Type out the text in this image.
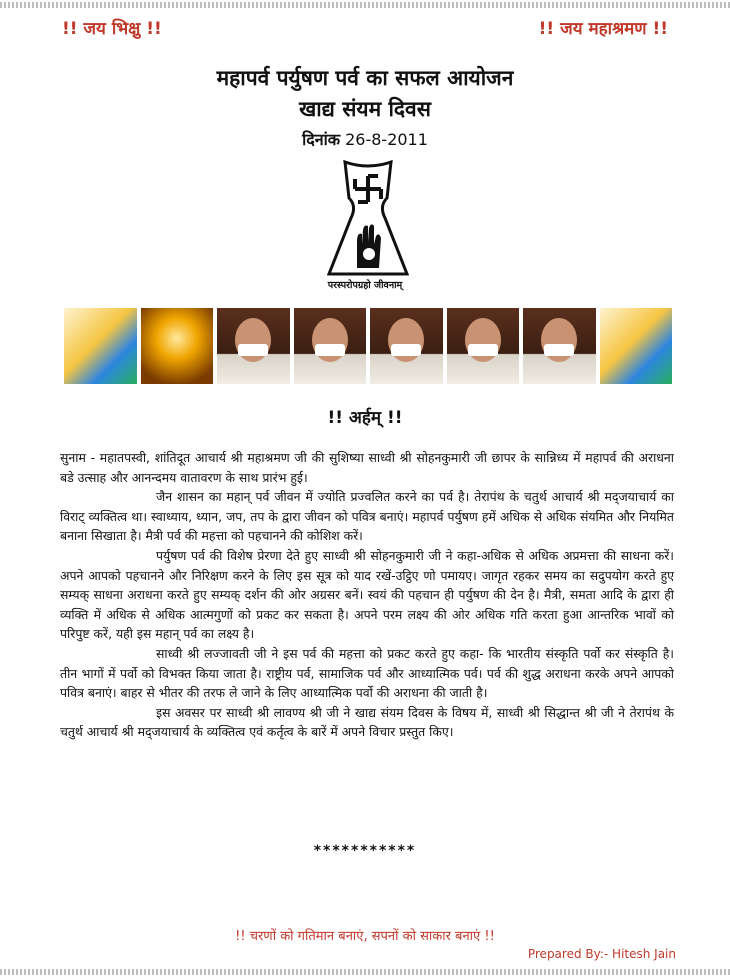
!! जय भिक्षु !!	!! जय महाश्रमण !!
महापर्व पर्युषण पर्व का सफल आयोजन
खाद्य संयम दिवस
दिनांक 26-8-2011
परस्परोपग्रहो जीवनाम्
!! अर्हम् !!

सुनाम - महातपस्वी, शांतिदूत आचार्य श्री महाश्रमण जी की सुशिष्या साध्वी श्री सोहनकुमारी जी छापर के सान्निध्य में महापर्व की अराधना बडे उत्साह और आनन्दमय वातावरण के साथ प्रारंभ हुई।

जैन शासन का महान् पर्व जीवन में ज्योति प्रज्वलित करने का पर्व है। तेरापंथ के चतुर्थ आचार्य श्री मद्जयाचार्य का विराट् व्यक्तित्व था। स्वाध्याय, ध्यान, जप, तप के द्वारा जीवन को पवित्र बनाएं। महापर्व पर्युषण हमें अधिक से अधिक संयमित और नियमित बनाना सिखाता है। मैत्री पर्व की महत्ता को पहचानने की कोशिश करें।

पर्युषण पर्व की विशेष प्रेरणा देते हुए साध्वी श्री सोहनकुमारी जी ने कहा-अधिक से अधिक अप्रमत्ता की साधना करें। अपने आपको पहचानने और निरिक्षण करने के लिए इस सूत्र को याद रखें-उट्ठिए णो पमायए। जागृत रहकर समय का सदुपयोग करते हुए सम्यक् साधना अराधना करते हुए सम्यक् दर्शन की ओर अग्रसर बनें। स्वयं की पहचान ही पर्युषण की देन है। मैत्री, समता आदि के द्वारा ही व्यक्ति में अधिक से अधिक आत्मगुणों को प्रकट कर सकता है। अपने परम लक्ष्य की ओर अधिक गति करता हुआ आन्तरिक भावों को परिपुष्ट करें, यही इस महान् पर्व का लक्ष्य है।

साध्वी श्री लज्जावती जी ने इस पर्व की महत्ता को प्रकट करते हुए कहा- कि भारतीय संस्कृति पर्वो कर संस्कृति है। तीन भागों में पर्वो को विभक्त किया जाता है। राष्ट्रीय पर्व, सामाजिक पर्व और आध्यात्मिक पर्व। पर्व की शुद्ध अराधना करके अपने आपको पवित्र बनाएं। बाहर से भीतर की तरफ ले जाने के लिए आध्यात्मिक पर्वो की अराधना की जाती है।

इस अवसर पर साध्वी श्री लावण्य श्री जी ने खाद्य संयम दिवस के विषय में, साध्वी श्री सिद्धान्त श्री जी ने तेरापंथ के चतुर्थ आचार्य श्री मद्जयाचार्य के व्यक्तित्व एवं कर्तृत्व के बारें में अपने विचार प्रस्तुत किए।

***********
!! चरणों को गतिमान बनाएं, सपनों को साकार बनाएं !!
Prepared By:- Hitesh Jain
